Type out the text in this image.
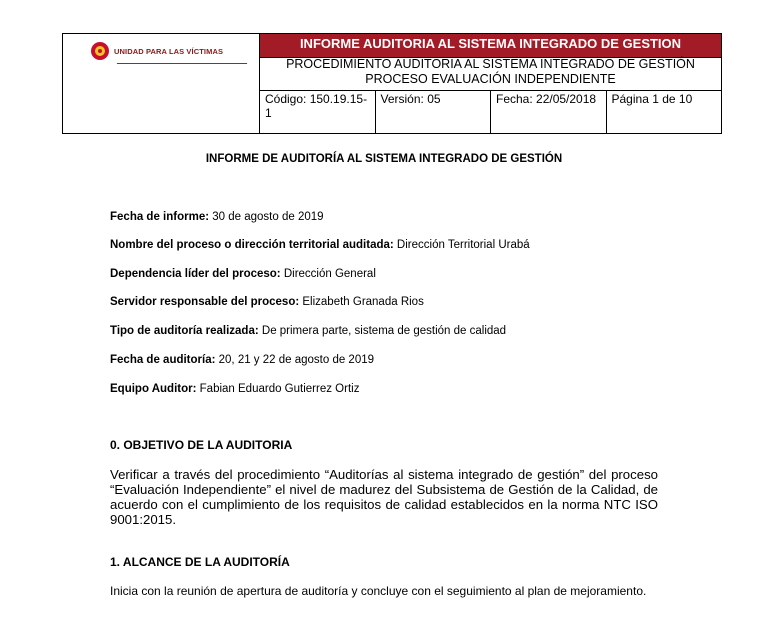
UNIDAD PARA LAS VÍCTIMAS	INFORME AUDITORIA AL SISTEMA INTEGRADO DE GESTION			

	PROCEDIMIENTO AUDITORIA AL SISTEMA INTEGRADO DE GESTIÓN
PROCESO EVALUACIÓN INDEPENDIENTE			

	Código: 150.19.15-1	Versión: 05	Fecha: 22/05/2018	Página 1 de 10
INFORME DE AUDITORÍA AL SISTEMA INTEGRADO DE GESTIÓN
Fecha de informe: 30 de agosto de 2019
Nombre del proceso o dirección territorial auditada: Dirección Territorial Urabá
Dependencia líder del proceso: Dirección General
Servidor responsable del proceso: Elizabeth Granada Rios
Tipo de auditoría realizada: De primera parte, sistema de gestión de calidad
Fecha de auditoría: 20, 21 y 22 de agosto de 2019
Equipo Auditor: Fabian Eduardo Gutierrez Ortiz
0. OBJETIVO DE LA AUDITORIA
Verificar a través del procedimiento “Auditorías al sistema integrado de gestión” del proceso “Evaluación Independiente” el nivel de madurez del Subsistema de Gestión de la Calidad, de acuerdo con el cumplimiento de los requisitos de calidad establecidos en la norma NTC ISO 9001:2015.
1. ALCANCE DE LA AUDITORÍA
Inicia con la reunión de apertura de auditoría y concluye con el seguimiento al plan de mejoramiento.
